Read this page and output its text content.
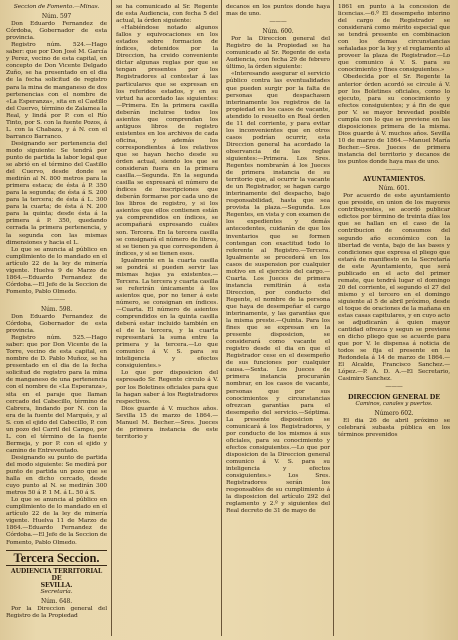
Seccion de Fomento.—Minas.

Núm. 597

Don Eduardo Fernandez de Córdoba, Gobernador de esta provincia.

Registro núm. 524.—Hago saber: que por Don José M. García y Perez, vecino de esta capital, en concepto de Don Vicente Delgado Zuño, se ha presentado en el dia de la fecha solicitud de registro para la mina de manganeso de dos pertenencias con el nombre de «La Esperanza», sita en el Castillo del Cuervo, término de Zalamea la Real, y lindá por P. con el Río Tinto, por S. con la fuente Pozos, á L. con la Chabaza, y á N. con el barranco Barranco.

Designando ser pertenencia del modo siguiente: Se tendrá por punto de partida la labor legal que se abrió en el término del Castillo del Cuervo, desde donde se medirán al N. 800 metros para la primera estaca; de ésta á P. 350 para la segunda; de ésta á S. 200 para la tercera; de ésta á L. 300 para la cuarta; de ésta á N. 200 para la quinta; desde ésta á la primera á P. 350, quedando cerrada la primera pertenencia, y la segunda con las mismas dimensiones y hacia el L.

Lo que se anuncia al público en cumplimiento de lo mandado en el artículo 22 de la ley de minería vigente. Huelva 9 de Marzo de 1864.—Eduardo Fernandez de Córdoba.—El Jefe de la Seccion de Fomento, Pablo Olmedo.

———

Núm. 598.

Don Eduardo Fernandez de Córdoba, Gobernador de esta provincia.

Registro núm. 525.—Hago saber: que por Don Vicente de la Torre, vecino de esta capital, en nombre de D. Pablo Muñoz, se ha presentado en el dia de la fecha solicitud de registro para la mina de manganeso de una pertenencia con el nombre de «La Esperanza», sita en el paraje que llaman cercado del Cabecillo, término de Cabrera, lindando por N. con la era de la fuente del Marqués, y al S. con el ejido del Cabecillo, P. con un pozo del Carril del Campo, por L. con el término de la fuente Bermeja, y por P. con el ejido y camino de Entreventado.

Designando su punto de partida del modo siguiente: Se medirá por punto de partida un pozo que se halla en dicho cercado, desde cuyo punto al N. se medirán 300 metros 50 á P. 1 M. á L. 50 á S.

Lo que se anuncia al público en cumplimiento de lo mandado en el artículo 22 de la ley de minería vigente. Huelva 11 de Marzo de 1864.—Eduardo Fernandez de Córdoba.—El Jefe de la Seccion de Fomento, Pablo Olmedo.

Tercera Seccion.

AUDIENCIA TERRITORIAL DE

SEVILLA.

Secretaría.

Núm. 648.

Por la Direccion general del Registro de la Propiedad

se ha comunicado al Sr. Regente de esta Audiencia, con fecha 5 del actual, la órden siguiente:

«Habiéndose notado algunos fallos y equivocaciones en los estados sobre formacion de índices, detenidos por la Direccion, ha creido conveniente dictar algunas reglas por que se tengan presentes por los Registradores al contestar á las particulares que se expresan en los referidos estados, y en su virtud ha acordado las siguientes:—Primera. En la primera casilla deberán incluirse todos los asientos que comprendan los antiguos libros de registro existentes en los archivos de cada oficina, y además los correspondientes á los relativos que se hayan hecho desde su órden actual, siendo los que se consideran fuera en la primera casilla.—Segunda. En la segunda casilla se expresará el número de índices de inscripciones que deberán formarse por cada uno de los libros de registro, y si los asientos que ellos contienen están ya comprendidos en índices, se acompañará expresando cuáles son. Tercera. En la tercera casilla se consignará el número de libros, si se tienen ya que corresponden á índices, y si se tienen esos.

Igualmente en la cuarta casilla se pondrá si pueden servir las mismas hojas ya existentes.—Tercera. La tercera y cuarta casilla se referirán únicamente á los asientos que, por no tener á este número, se consignan en índices.—Cuarta. El número de asientos comprendidos en la quinta casilla deberá estar incluido también en el de la tercera, y la cuarta representará la suma entre la primera y la tercera.—Lo que comunico á V. S. para su inteligencia y efectos consiguientes.»

Lo que por disposicion del espresado Sr. Regente circulo á V. por los Boletines oficiales para que la hagan saber á los Registradores respectivos.

Dios guarde á V. muchos años. Sevilla 15 de marzo de 1864.—Manuel M. Becher.—Sres. Jueces de primera instancia de este territorio y

decanos en los puntos donde haya mas de uno.

———

Núm. 600.

Por la Direccion general del Registro de la Propiedad se ha comunicado al Sr. Regente de esta Audiencia, con fecha 29 de febrero último, la órden siguiente:

«Interesando asegurar el servicio público contra las eventualidades que pueden surgir por la falta de personas que despachasen interinamente los registros de la propiedad en los casos de vacante, atendido lo resuelto en Real órden de 11 del corriente, y para evitar los inconvenientes que en otros casos podrían ocurrir, esta Direccion general ha acordado la observancia de las reglas siguientes:—Primera. Los Sres. Regentes nombrarán á los Jueces de primera instancia de su territorio que, al ocurrir la vacante de un Registrador, se hagan cargo interinamente del despacho, bajo responsabilidad, hasta que sea provista la plaza.—Segunda. Los Regentes, en vista y con examen de los expedientes y demás antecedentes, cuidarán de que los inventarios que se formen contengan con exactitud todo lo referente al Registro.—Tercera. Igualmente se procederá en los casos de suspension por cualquier motivo en el ejercicio del cargo.—Cuarta. Los Jueces de primera instancia remitirán á esta Direccion, por conducto del Regente, el nombre de la persona que haya de desempeñar el cargo interinamente, y las garantías que la misma preste.—Quinta. Para los fines que se expresan en la presente disposicion, se considerará como vacante el registro desde el dia en que el Registrador cese en el desempeño de sus funciones por cualquier causa.—Sexta. Los Jueces de primera instancia procurarán nombrar, en los casos de vacante, personas que por sus conocimientos y circunstancias ofrezcan garantías para el desempeño del servicio.—Séptima. La presente disposicion se comunicará á los Registradores, y por conducto de los mismos á sus oficiales, para su conocimiento y efectos consiguientes.—Lo que por disposicion de la Direccion general comunico á V. S. para su inteligencia y efectos consiguientes.» Los Sres. Registradores serán los responsables de su cumplimiento á la disposicion del artículo 292 del reglamento y 2.º y siguientes del Real decreto de 31 de mayo de

1861 en punto á la concesion de licencias.—6.º El desempeño interino del cargo de Registrador se considerará como mérito especial que se tendrá presente en combinacion con los demas circunstancias señaladas por la ley y el reglamento al proveer la plaza de Registrador.—Lo que comunico á V. S. para su conocimiento y fines consiguientes.»

Obedecida por el Sr. Regente la anterior órden acordó se circule á V. por los Boletines oficiales, como lo ejecuto, para su conocimiento y efectos consiguientes; y á fin de que por V. se mayor brevedad posible cumpla con lo que se previene en las disposiciones primera de la misma. Dios guarde á V. muchos años. Sevilla 10 de marzo de 1864.—Manuel María Becher.—Sres. Jueces de primera instancia del territorio y decanos de los puntos donde haya mas de uno.

———

AYUNTAMIENTOS.

Núm. 601.

Por acuerdo de este ayuntamiento que preside, en union de los mayores contribuyentes, se acordó publicar edictos por término de treinta días los que se hallan en el caso de la contribucion de consumos del segundo año económico con la libertad de venta, bajo de las bases y condiciones que expresa el pliego que estará de manifiesto en la Secretaría de este Ayuntamiento, que será publicado en el acto del primer remate, que tendrá lugar el domingo 20 del corriente, el segundo el 27 del mismo y el tercero en el domingo siguiente al 5 de abril próximo, desde el toque de oraciones de la mañana en estas casas capitulares, y en cuyo acto se adjudicarán á quien mayor cantidad ofrezca y segun se previene en dicho pliego que se acuerde para que por V. le dispensa á noticia de todos se fija el presente en la Redondela á 14 de marzo de 1864.—El Alcalde, Francisco Sanchez.—López.—P. A. D. A.—El Secretario, Casimiro Sanchez.

———

DIRECCION GENERAL DE

Caminos, canales y puertos.

Número 602.

El dia 26 de abril próximo se celebrará subasta pública en los términos prevenidos
